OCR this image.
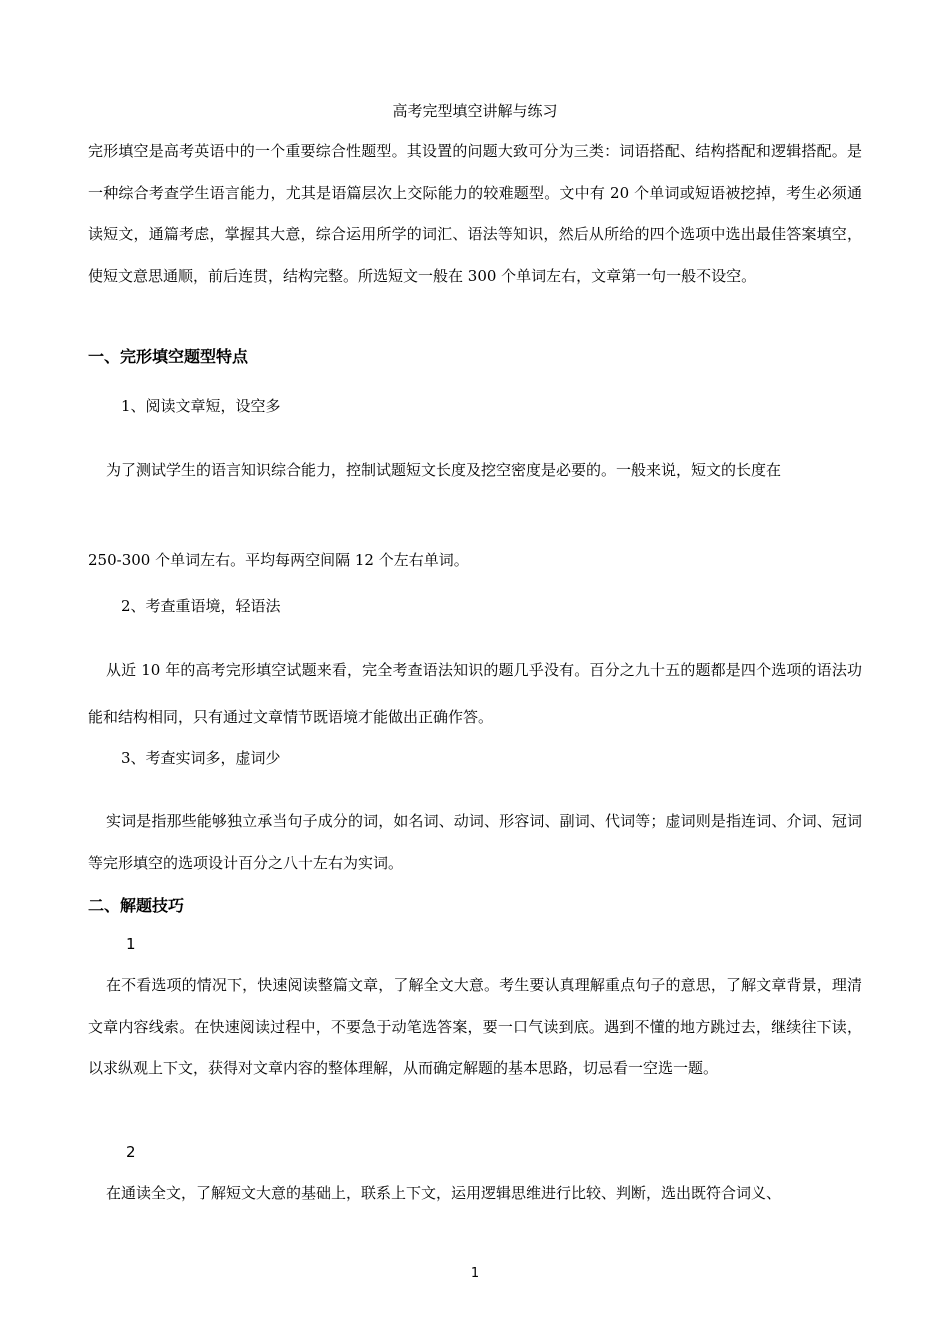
高考完型填空讲解与练习

完形填空是高考英语中的一个重要综合性题型。其设置的问题大致可分为三类：词语搭配、结构搭配和逻辑搭配。是一种综合考查学生语言能力，尤其是语篇层次上交际能力的较难题型。文中有 20 个单词或短语被挖掉，考生必须通读短文，通篇考虑，掌握其大意，综合运用所学的词汇、语法等知识，然后从所给的四个选项中选出最佳答案填空，使短文意思通顺，前后连贯，结构完整。所选短文一般在 300 个单词左右，文章第一句一般不设空。

一、完形填空题型特点
1、阅读文章短，设空多

为了测试学生的语言知识综合能力，控制试题短文长度及挖空密度是必要的。一般来说，短文的长度在

250-300 个单词左右。平均每两空间隔 12 个左右单词。
2、考查重语境，轻语法

从近 10 年的高考完形填空试题来看，完全考查语法知识的题几乎没有。百分之九十五的题都是四个选项的语法功能和结构相同，只有通过文章情节既语境才能做出正确作答。

3、考查实词多，虚词少

实词是指那些能够独立承当句子成分的词，如名词、动词、形容词、副词、代词等；虚词则是指连词、介词、冠词等完形填空的选项设计百分之八十左右为实词。

二、解题技巧
1

在不看选项的情况下，快速阅读整篇文章，了解全文大意。考生要认真理解重点句子的意思，了解文章背景，理清文章内容线索。在快速阅读过程中，不要急于动笔选答案，要一口气读到底。遇到不懂的地方跳过去，继续往下读，以求纵观上下文，获得对文章内容的整体理解，从而确定解题的基本思路，切忌看一空选一题。

2

在通读全文，了解短文大意的基础上，联系上下文，运用逻辑思维进行比较、判断，选出既符合词义、

1
